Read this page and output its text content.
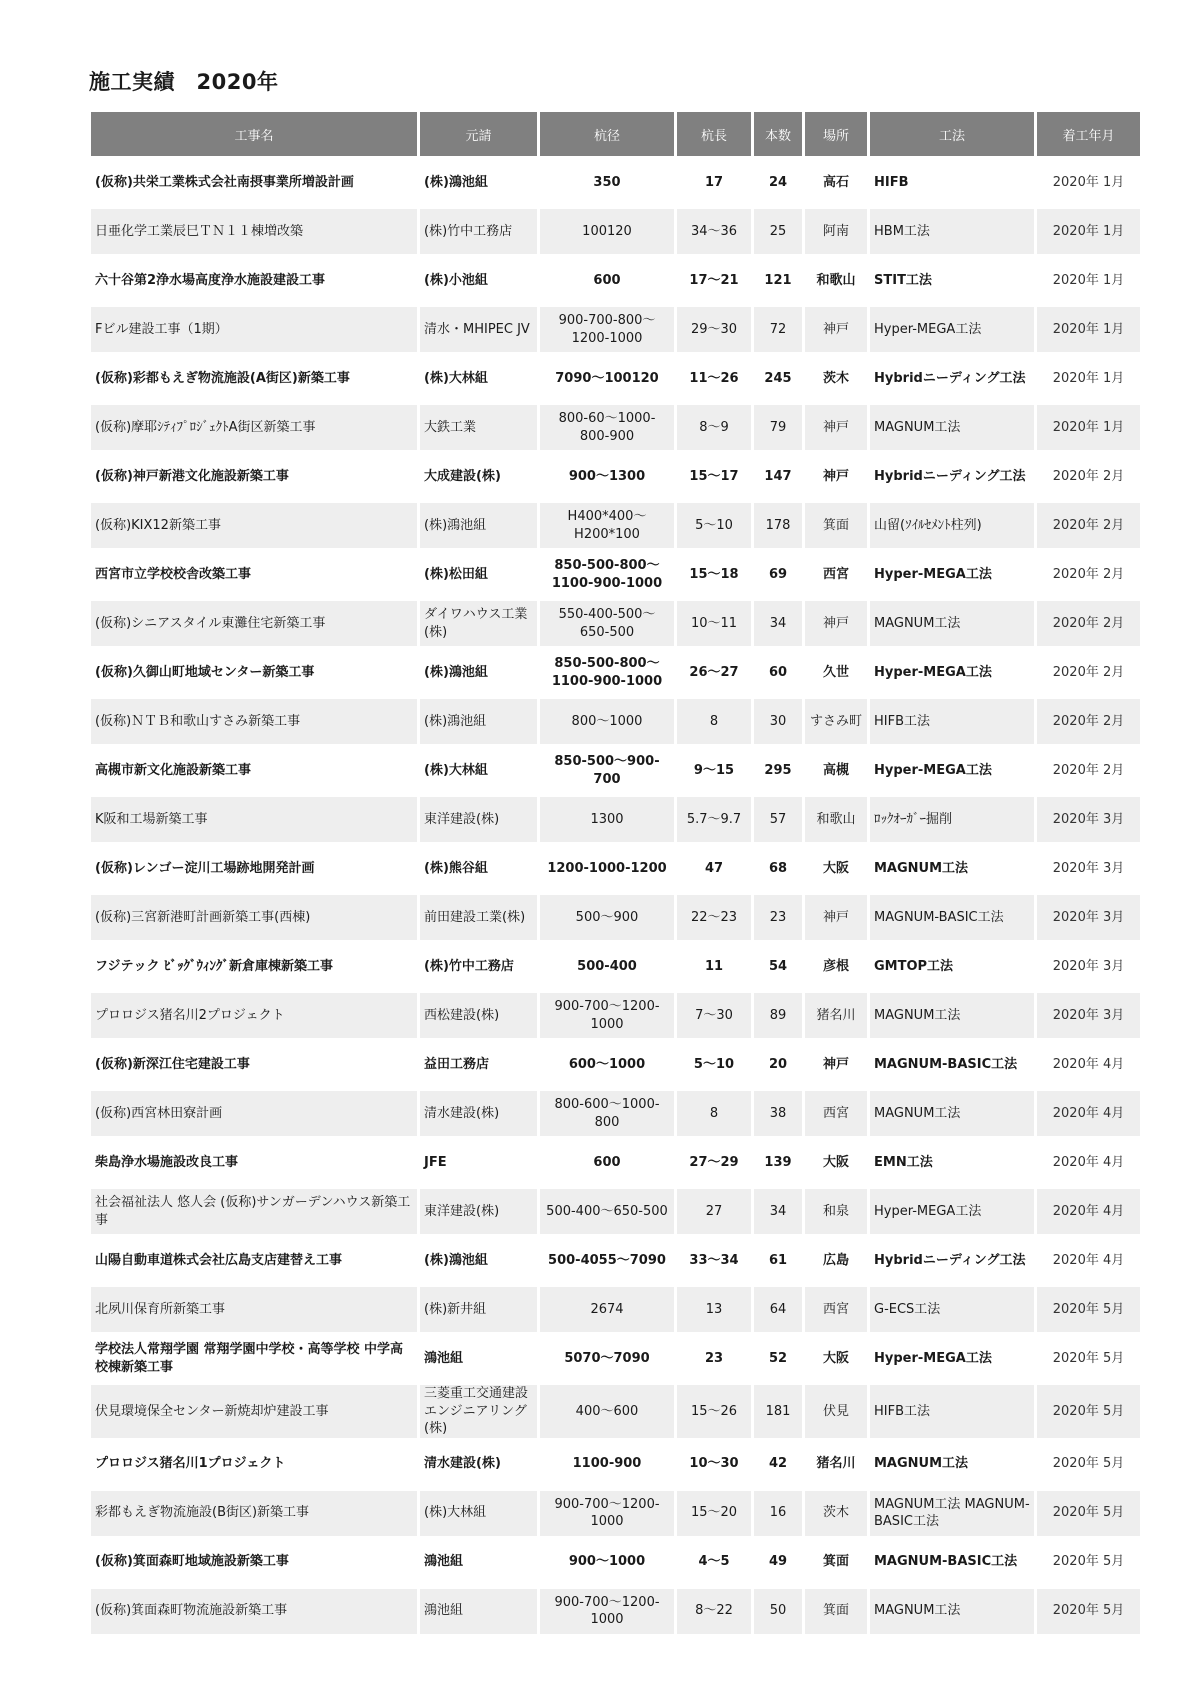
施工実績　2020年
工事名	元請	杭径	杭長	本数	場所	工法	着工年月
(仮称)共栄工業株式会社南摂事業所増設計画	(株)鴻池組	350	17	24	高石	HIFB	2020年 1月
日亜化学工業辰巳ＴＮ１１棟増改築	(株)竹中工務店	100120	34～36	25	阿南	HBM工法	2020年 1月
六十谷第2浄水場高度浄水施設建設工事	(株)小池組	600	17～21	121	和歌山	STIT工法	2020年 1月
Fビル建設工事（1期）	清水・MHIPEC JV	900-700-800～1200-1000	29～30	72	神戸	Hyper-MEGA工法	2020年 1月
(仮称)彩都もえぎ物流施設(A街区)新築工事	(株)大林組	7090～100120	11～26	245	茨木	Hybridニーディング工法	2020年 1月
(仮称)摩耶ｼﾃｨﾌﾟﾛｼﾞｪｸﾄA街区新築工事	大鉄工業	800-60～1000-800-900	8～9	79	神戸	MAGNUM工法	2020年 1月
(仮称)神戸新港文化施設新築工事	大成建設(株)	900～1300	15～17	147	神戸	Hybridニーディング工法	2020年 2月
(仮称)KIX12新築工事	(株)鴻池組	H400*400～H200*100	5～10	178	箕面	山留(ｿｲﾙｾﾒﾝﾄ柱列)	2020年 2月
西宮市立学校校舎改築工事	(株)松田組	850-500-800～1100-900-1000	15～18	69	西宮	Hyper-MEGA工法	2020年 2月
(仮称)シニアスタイル東灘住宅新築工事	ダイワハウス工業(株)	550-400-500～650-500	10～11	34	神戸	MAGNUM工法	2020年 2月
(仮称)久御山町地域センター新築工事	(株)鴻池組	850-500-800～1100-900-1000	26～27	60	久世	Hyper-MEGA工法	2020年 2月
(仮称)ＮＴＢ和歌山すさみ新築工事	(株)鴻池組	800～1000	8	30	すさみ町	HIFB工法	2020年 2月
高槻市新文化施設新築工事	(株)大林組	850-500～900-700	9～15	295	高槻	Hyper-MEGA工法	2020年 2月
K阪和工場新築工事	東洋建設(株)	1300	5.7～9.7	57	和歌山	ﾛｯｸｵｰｶﾞｰ掘削	2020年 3月
(仮称)レンゴー淀川工場跡地開発計画	(株)熊谷組	1200-1000-1200	47	68	大阪	MAGNUM工法	2020年 3月
(仮称)三宮新港町計画新築工事(西棟)	前田建設工業(株)	500～900	22～23	23	神戸	MAGNUM-BASIC工法	2020年 3月
フジテック ﾋﾞｯｸﾞｳｨﾝｸﾞ新倉庫棟新築工事	(株)竹中工務店	500-400	11	54	彦根	GMTOP工法	2020年 3月
プロロジス猪名川2プロジェクト	西松建設(株)	900-700～1200-1000	7～30	89	猪名川	MAGNUM工法	2020年 3月
(仮称)新深江住宅建設工事	益田工務店	600～1000	5～10	20	神戸	MAGNUM-BASIC工法	2020年 4月
(仮称)西宮林田寮計画	清水建設(株)	800-600～1000-800	8	38	西宮	MAGNUM工法	2020年 4月
柴島浄水場施設改良工事	JFE	600	27～29	139	大阪	EMN工法	2020年 4月
社会福祉法人 悠人会 (仮称)サンガーデンハウス新築工事	東洋建設(株)	500-400～650-500	27	34	和泉	Hyper-MEGA工法	2020年 4月
山陽自動車道株式会社広島支店建替え工事	(株)鴻池組	500-4055～7090	33～34	61	広島	Hybridニーディング工法	2020年 4月
北夙川保育所新築工事	(株)新井組	2674	13	64	西宮	G-ECS工法	2020年 5月
学校法人常翔学園 常翔学園中学校・高等学校 中学高校棟新築工事	鴻池組	5070～7090	23	52	大阪	Hyper-MEGA工法	2020年 5月
伏見環境保全センター新焼却炉建設工事	三菱重工交通建設エンジニアリング(株)	400～600	15～26	181	伏見	HIFB工法	2020年 5月
プロロジス猪名川1プロジェクト	清水建設(株)	1100-900	10～30	42	猪名川	MAGNUM工法	2020年 5月
彩都もえぎ物流施設(B街区)新築工事	(株)大林組	900-700～1200-1000	15～20	16	茨木	MAGNUM工法 MAGNUM-BASIC工法	2020年 5月
(仮称)箕面森町地域施設新築工事	鴻池組	900～1000	4～5	49	箕面	MAGNUM-BASIC工法	2020年 5月
(仮称)箕面森町物流施設新築工事	鴻池組	900-700～1200-1000	8～22	50	箕面	MAGNUM工法	2020年 5月
